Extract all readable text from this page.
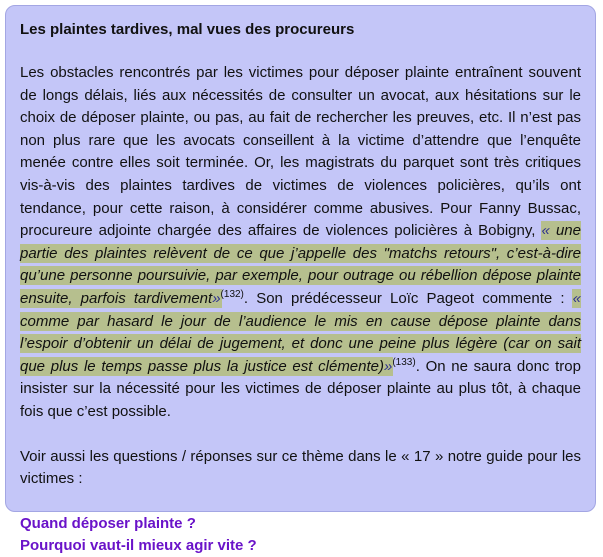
Les plaintes tardives, mal vues des procureurs

Les obstacles rencontrés par les victimes pour déposer plainte entraînent souvent de longs délais, liés aux nécessités de consulter un avocat, aux hésitations sur le choix de déposer plainte, ou pas, au fait de rechercher les preuves, etc. Il n’est pas non plus rare que les avocats conseillent à la victime d’attendre que l’enquête menée contre elles soit terminée. Or, les magistrats du parquet sont très critiques vis-à-vis des plaintes tardives de victimes de violences policières, qu’ils ont tendance, pour cette raison, à considérer comme abusives. Pour Fanny Bussac, procureure adjointe chargée des affaires de violences policières à Bobigny, « une partie des plaintes relèvent de ce que j’appelle des "matchs retours", c’est-à-dire qu’une personne poursuivie, par exemple, pour outrage ou rébellion dépose plainte ensuite, parfois tardivement»$^{(132)}$. Son prédécesseur Loïc Pageot commente : « comme par hasard le jour de l’audience le mis en cause dépose plainte dans l’espoir d’obtenir un délai de jugement, et donc une peine plus légère (car on sait que plus le temps passe plus la justice est clémente)»$^{(133)}$. On ne saura donc trop insister sur la nécessité pour les victimes de déposer plainte au plus tôt, à chaque fois que c’est possible.

Voir aussi les questions / réponses sur ce thème dans le « 17 » notre guide pour les victimes :

Quand déposer plainte ?
Pourquoi vaut-il mieux agir vite ?
